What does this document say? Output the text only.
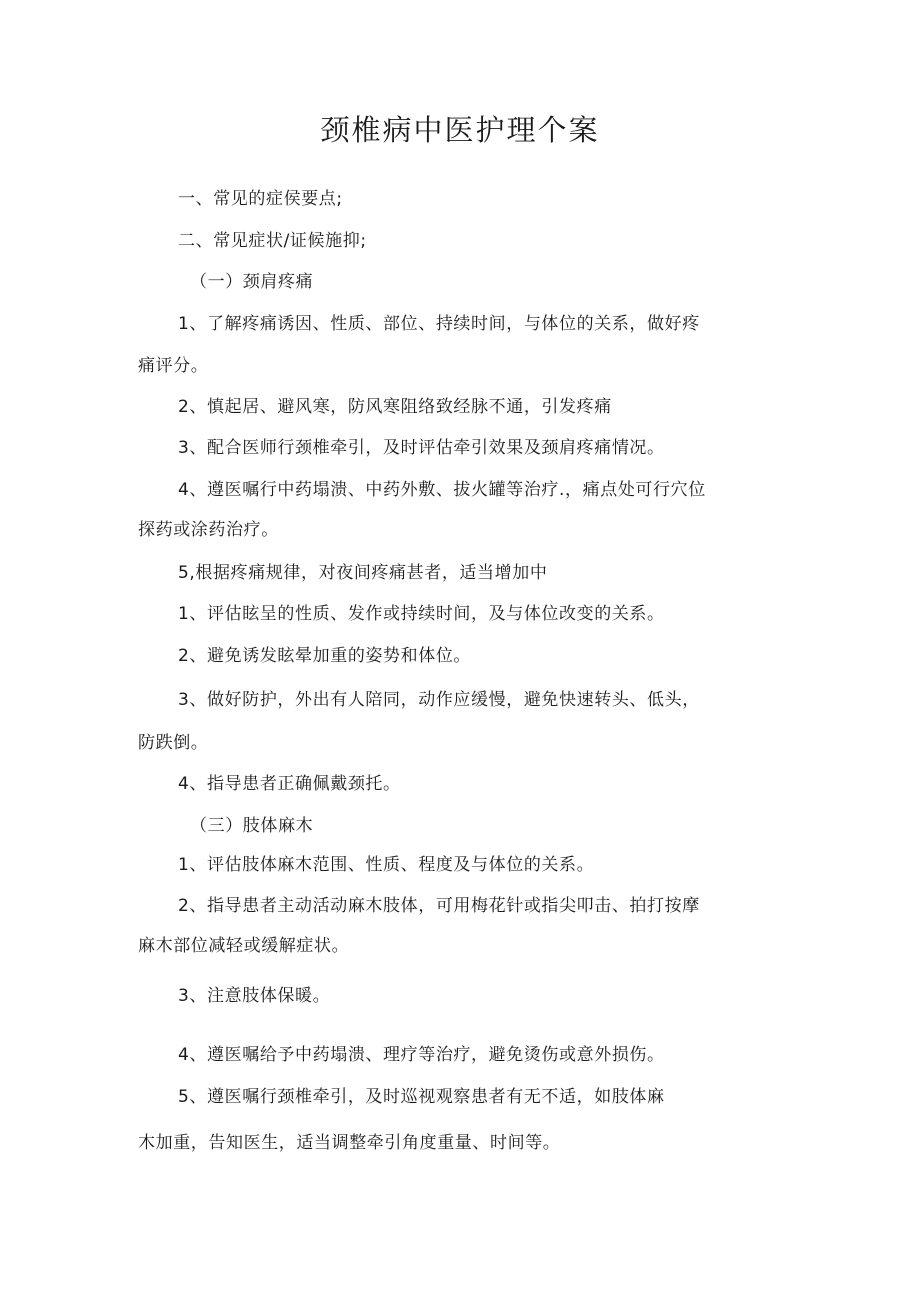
颈椎病中医护理个案
一、常见的症侯要点;
二、常见症状/证候施抑;
（一）颈肩疼痛
1、了解疼痛诱因、性质、部位、持续时间，与体位的关系，做好疼
痛评分。
2、慎起居、避风寒，防风寒阻络致经脉不通，引发疼痛
3、配合医师行颈椎牵引，及时评估牵引效果及颈肩疼痛情况。
4、遵医嘱行中药塌溃、中药外敷、拔火罐等治疗.，痛点处可行穴位
探药或涂药治疗。
5,根据疼痛规律，对夜间疼痛甚者，适当增加中
1、评估眩呈的性质、发作或持续时间，及与体位改变的关系。
2、避免诱发眩晕加重的姿势和体位。
3、做好防护，外出有人陪同，动作应缓慢，避免快速转头、低头，
防跌倒。
4、指导患者正确佩戴颈托。
（三）肢体麻木
1、评估肢体麻木范围、性质、程度及与体位的关系。
2、指导患者主动活动麻木肢体，可用梅花针或指尖叩击、拍打按摩
麻木部位减轻或缓解症状。
3、注意肢体保暖。
4、遵医嘱给予中药塌溃、理疗等治疗，避免烫伤或意外损伤。
5、遵医嘱行颈椎牵引，及时巡视观察患者有无不适，如肢体麻
木加重，告知医生，适当调整牵引角度重量、时间等。
